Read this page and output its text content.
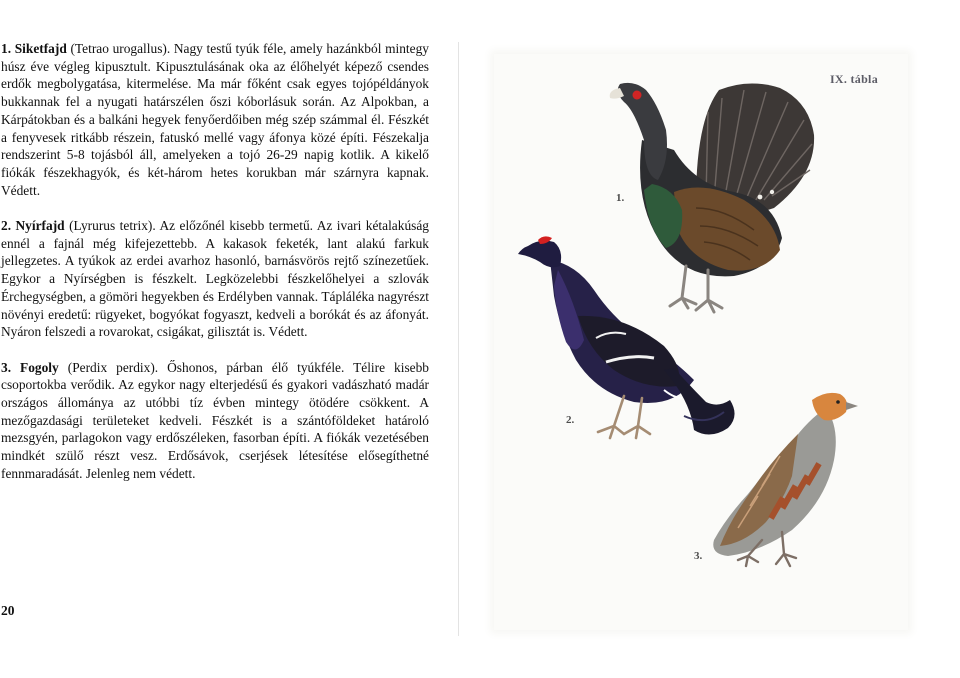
1. Siketfajd (Tetrao urogallus). Nagy testű tyúk féle, amely hazánkból mintegy húsz éve végleg kipusztult. Kipusztulásának oka az élőhelyét képező csendes erdők megbolygatása, kitermelése. Ma már főként csak egyes tojópéldányok bukkannak fel a nyugati határszélen őszi kóborlásuk során. Az Alpokban, a Kárpátokban és a balkáni hegyek fenyőerdőiben még szép számmal él. Fészkét a fenyvesek ritkább részein, fatuskó mellé vagy áfonya közé építi. Fészekalja rendszerint 5-8 tojásból áll, amelyeken a tojó 26-29 napig kotlik. A kikelő fiókák fészekhagyók, és két-három hetes korukban már szárnyra kapnak. Védett.

2. Nyírfajd (Lyrurus tetrix). Az előzőnél kisebb termetű. Az ivari kétalakúság ennél a fajnál még kifejezettebb. A kakasok feketék, lant alakú farkuk jellegzetes. A tyúkok az erdei avarhoz hasonló, barnásvörös rejtő színezetűek. Egykor a Nyírségben is fészkelt. Legközelebbi fészkelőhelyei a szlovák Érchegységben, a gömöri hegyekben és Erdélyben vannak. Tápláléka nagyrészt növényi eredetű: rügyeket, bogyókat fogyaszt, kedveli a borókát és az áfonyát. Nyáron felszedi a rovarokat, csigákat, gilisztát is. Védett.

3. Fogoly (Perdix perdix). Őshonos, párban élő tyúkféle. Télire kisebb csoportokba verődik. Az egykor nagy elterjedésű és gyakori vadászható madár országos állománya az utóbbi tíz évben mintegy ötödére csökkent. A mezőgazdasági területeket kedveli. Fészkét is a szántóföldeket határoló mezsgyén, parlagokon vagy erdőszéleken, fasorban építi. A fiókák vezetésében mindkét szülő részt vesz. Erdősávok, cserjések létesítése elősegíthetné fennmaradását. Jelenleg nem védett.

20
IX. tábla
1.
2.
3.
